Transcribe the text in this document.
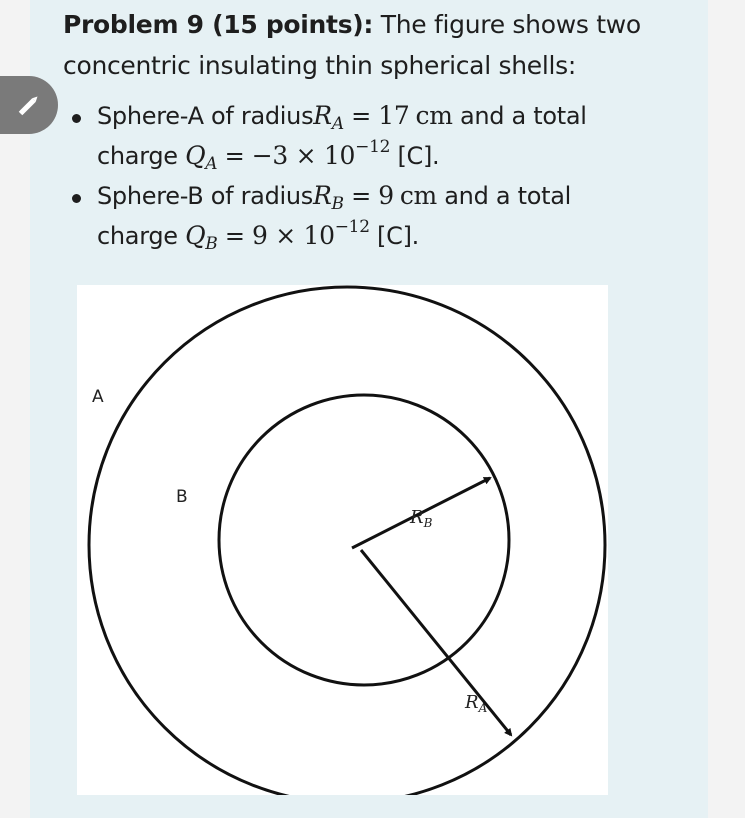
Problem 9 (15 points): The figure shows two
concentric insulating thin spherical shells:
Sphere-A of radius R A = 17 cm and a total
charge Q A = −3 × 10 −12 [C].
Sphere-B of radius R B = 9 cm and a total
charge Q B = 9 × 10 −12 [C].
A
B
$R_B$
$R_A$
